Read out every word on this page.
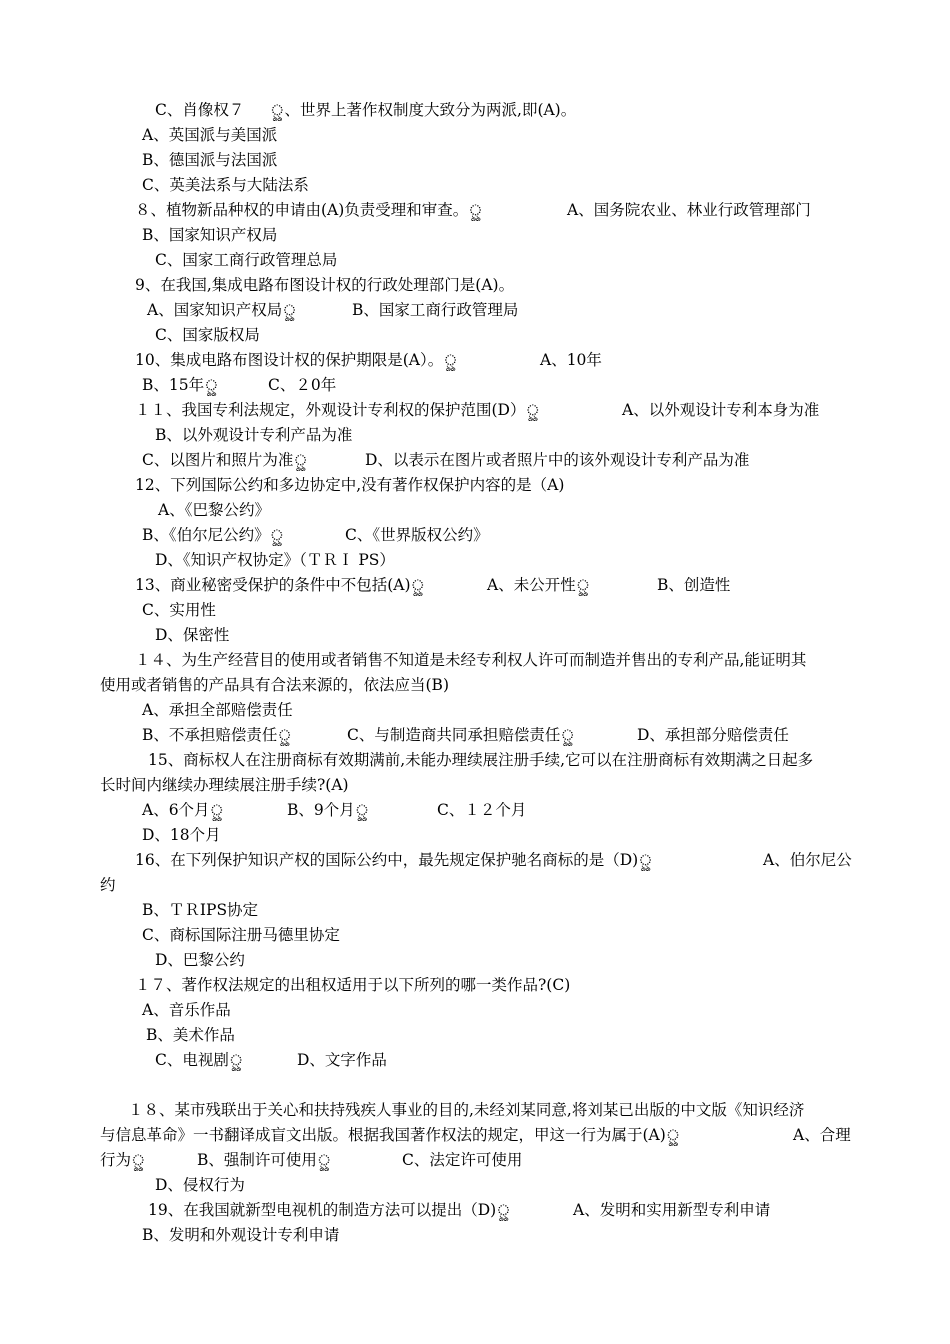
C、肖像权７ ৣ、世界上著作权制度大致分为两派,即(A)。
A、英国派与美国派
B、德国派与法国派
C、英美法系与大陆法系
８、植物新品种权的申请由(A)负责受理和审查。ৣ	A、国务院农业、林业行政管理部门
B、国家知识产权局
C、国家工商行政管理总局
9、在我国,集成电路布图设计权的行政处理部门是(A)。
A、国家知识产权局ৣ	B、国家工商行政管理局
C、国家版权局
10、集成电路布图设计权的保护期限是(A）。ৣ	A、10年
B、15年ৣ	C、２0年
１１、我国专利法规定，外观设计专利权的保护范围(D）ৣ	A、以外观设计专利本身为准
B、以外观设计专利产品为准
C、以图片和照片为准ৣ	D、以表示在图片或者照片中的该外观设计专利产品为准
12、下列国际公约和多边协定中,没有著作权保护内容的是（A)
A、《巴黎公约》
B、《伯尔尼公约》ৣ	C、《世界版权公约》
D、《知识产权协定》（ＴＲＩ PS）
13、商业秘密受保护的条件中不包括(A)ৣ	A、未公开性ৣ	B、创造性
C、实用性
D、保密性
１４、为生产经营目的使用或者销售不知道是未经专利权人许可而制造并售出的专利产品,能证明其
使用或者销售的产品具有合法来源的，依法应当(B)
A、承担全部赔偿责任
B、不承担赔偿责任ৣ	C、与制造商共同承担赔偿责任ৣ	D、承担部分赔偿责任
15、商标权人在注册商标有效期满前,未能办理续展注册手续,它可以在注册商标有效期满之日起多
长时间内继续办理续展注册手续?(A)
A、6个月ৣ	B、9个月ৣ	C、１２个月
D、18个月
16、在下列保护知识产权的国际公约中，最先规定保护驰名商标的是（D)ৣ	A、伯尔尼公
约
B、ＴＲIPS协定
C、商标国际注册马德里协定
D、巴黎公约
１７、著作权法规定的出租权适用于以下所列的哪一类作品?(C)
A、音乐作品
B、美术作品
C、电视剧ৣ	D、文字作品
１８、某市残联出于关心和扶持残疾人事业的目的,未经刘某同意,将刘某已出版的中文版《知识经济
与信息革命》一书翻译成盲文出版。根据我国著作权法的规定，甲这一行为属于(A)ৣ	A、合理
行为ৣ	B、强制许可使用ৣ	C、法定许可使用
D、侵权行为
19、在我国就新型电视机的制造方法可以提出（D)ৣ	A、发明和实用新型专利申请
B、发明和外观设计专利申请
